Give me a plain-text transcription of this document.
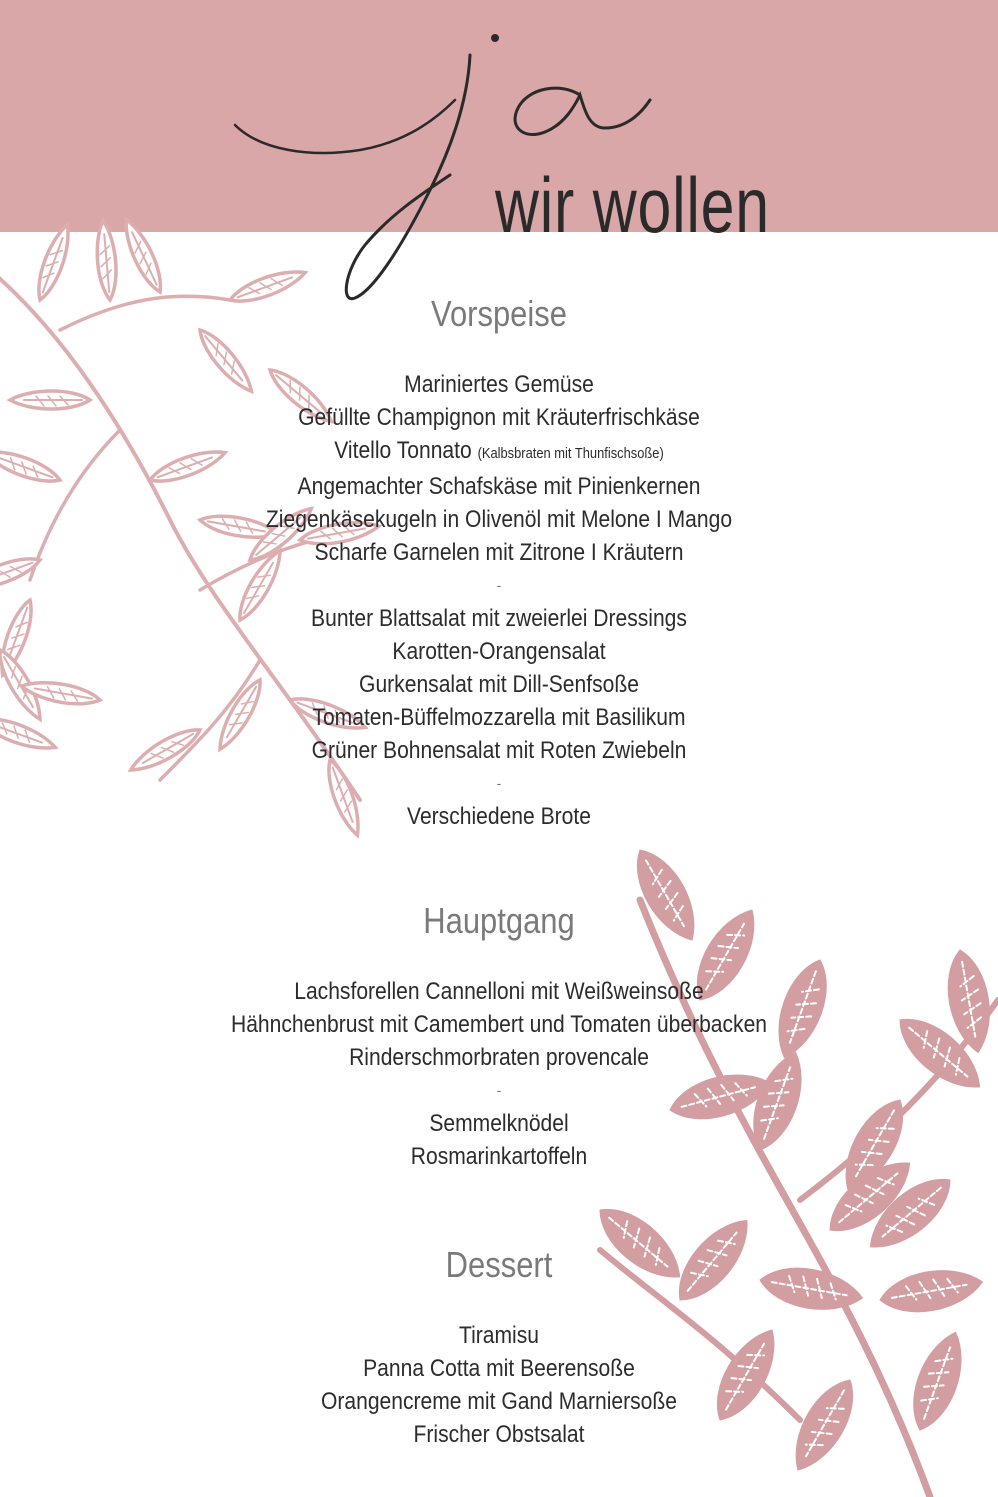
wir wollen
Vorspeise
Mariniertes Gemüse
Gefüllte Champignon mit Kräuterfrischkäse
Vitello Tonnato (Kalbsbraten mit Thunfischsoße)
Angemachter Schafskäse mit Pinienkernen
Ziegenkäsekugeln in Olivenöl mit Melone I Mango
Scharfe Garnelen mit Zitrone I Kräutern
-
Bunter Blattsalat mit zweierlei Dressings
Karotten-Orangensalat
Gurkensalat mit Dill-Senfsoße
Tomaten-Büffelmozzarella mit Basilikum
Grüner Bohnensalat mit Roten Zwiebeln
-
Verschiedene Brote
Hauptgang
Lachsforellen Cannelloni mit Weißweinsoße
Hähnchenbrust mit Camembert und Tomaten überbacken
Rinderschmorbraten provencale
-
Semmelknödel
Rosmarinkartoffeln
Dessert
Tiramisu
Panna Cotta mit Beerensoße
Orangencreme mit Gand Marniersoße
Frischer Obstsalat
